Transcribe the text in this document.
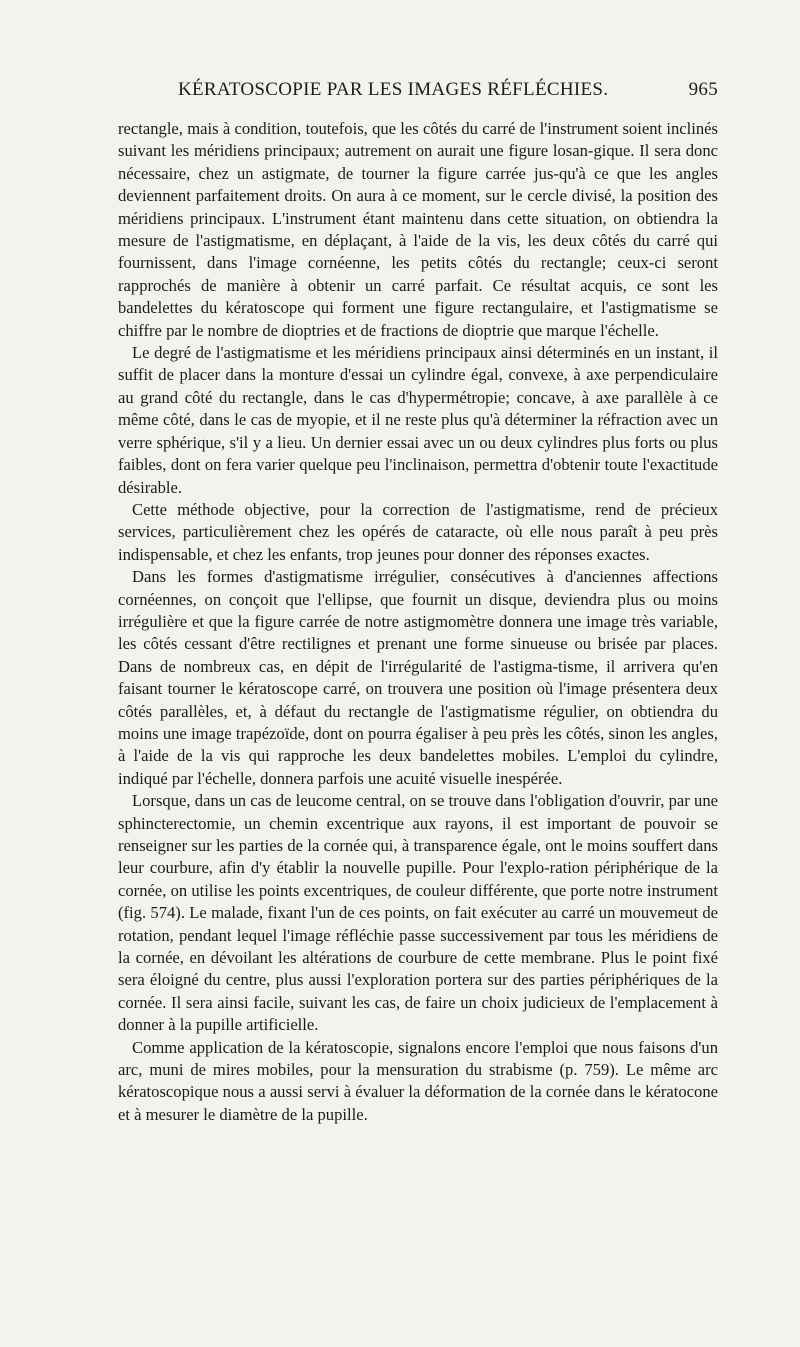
KÉRATOSCOPIE PAR LES IMAGES RÉFLÉCHIES.	965

rectangle, mais à condition, toutefois, que les côtés du carré de l'instrument soient inclinés suivant les méridiens principaux; autrement on aurait une figure losan-gique. Il sera donc nécessaire, chez un astigmate, de tourner la figure carrée jus-qu'à ce que les angles deviennent parfaitement droits. On aura à ce moment, sur le cercle divisé, la position des méridiens principaux. L'instrument étant maintenu dans cette situation, on obtiendra la mesure de l'astigmatisme, en déplaçant, à l'aide de la vis, les deux côtés du carré qui fournissent, dans l'image cornéenne, les petits côtés du rectangle; ceux-ci seront rapprochés de manière à obtenir un carré parfait. Ce résultat acquis, ce sont les bandelettes du kératoscope qui forment une figure rectangulaire, et l'astigmatisme se chiffre par le nombre de dioptries et de fractions de dioptrie que marque l'échelle.

Le degré de l'astigmatisme et les méridiens principaux ainsi déterminés en un instant, il suffit de placer dans la monture d'essai un cylindre égal, convexe, à axe perpendiculaire au grand côté du rectangle, dans le cas d'hypermétropie; concave, à axe parallèle à ce même côté, dans le cas de myopie, et il ne reste plus qu'à déterminer la réfraction avec un verre sphérique, s'il y a lieu. Un dernier essai avec un ou deux cylindres plus forts ou plus faibles, dont on fera varier quelque peu l'inclinaison, permettra d'obtenir toute l'exactitude désirable.

Cette méthode objective, pour la correction de l'astigmatisme, rend de précieux services, particulièrement chez les opérés de cataracte, où elle nous paraît à peu près indispensable, et chez les enfants, trop jeunes pour donner des réponses exactes.

Dans les formes d'astigmatisme irrégulier, consécutives à d'anciennes affections cornéennes, on conçoit que l'ellipse, que fournit un disque, deviendra plus ou moins irrégulière et que la figure carrée de notre astigmomètre donnera une image très variable, les côtés cessant d'être rectilignes et prenant une forme sinueuse ou brisée par places. Dans de nombreux cas, en dépit de l'irrégularité de l'astigma-tisme, il arrivera qu'en faisant tourner le kératoscope carré, on trouvera une position où l'image présentera deux côtés parallèles, et, à défaut du rectangle de l'astigmatisme régulier, on obtiendra du moins une image trapézoïde, dont on pourra égaliser à peu près les côtés, sinon les angles, à l'aide de la vis qui rapproche les deux bandelettes mobiles. L'emploi du cylindre, indiqué par l'échelle, donnera parfois une acuité visuelle inespérée.

Lorsque, dans un cas de leucome central, on se trouve dans l'obligation d'ouvrir, par une sphincterectomie, un chemin excentrique aux rayons, il est important de pouvoir se renseigner sur les parties de la cornée qui, à transparence égale, ont le moins souffert dans leur courbure, afin d'y établir la nouvelle pupille. Pour l'explo-ration périphérique de la cornée, on utilise les points excentriques, de couleur différente, que porte notre instrument (fig. 574). Le malade, fixant l'un de ces points, on fait exécuter au carré un mouvemeut de rotation, pendant lequel l'image réfléchie passe successivement par tous les méridiens de la cornée, en dévoilant les altérations de courbure de cette membrane. Plus le point fixé sera éloigné du centre, plus aussi l'exploration portera sur des parties périphériques de la cornée. Il sera ainsi facile, suivant les cas, de faire un choix judicieux de l'emplacement à donner à la pupille artificielle.

Comme application de la kératoscopie, signalons encore l'emploi que nous faisons d'un arc, muni de mires mobiles, pour la mensuration du strabisme (p. 759). Le même arc kératoscopique nous a aussi servi à évaluer la déformation de la cornée dans le kératocone et à mesurer le diamètre de la pupille.
